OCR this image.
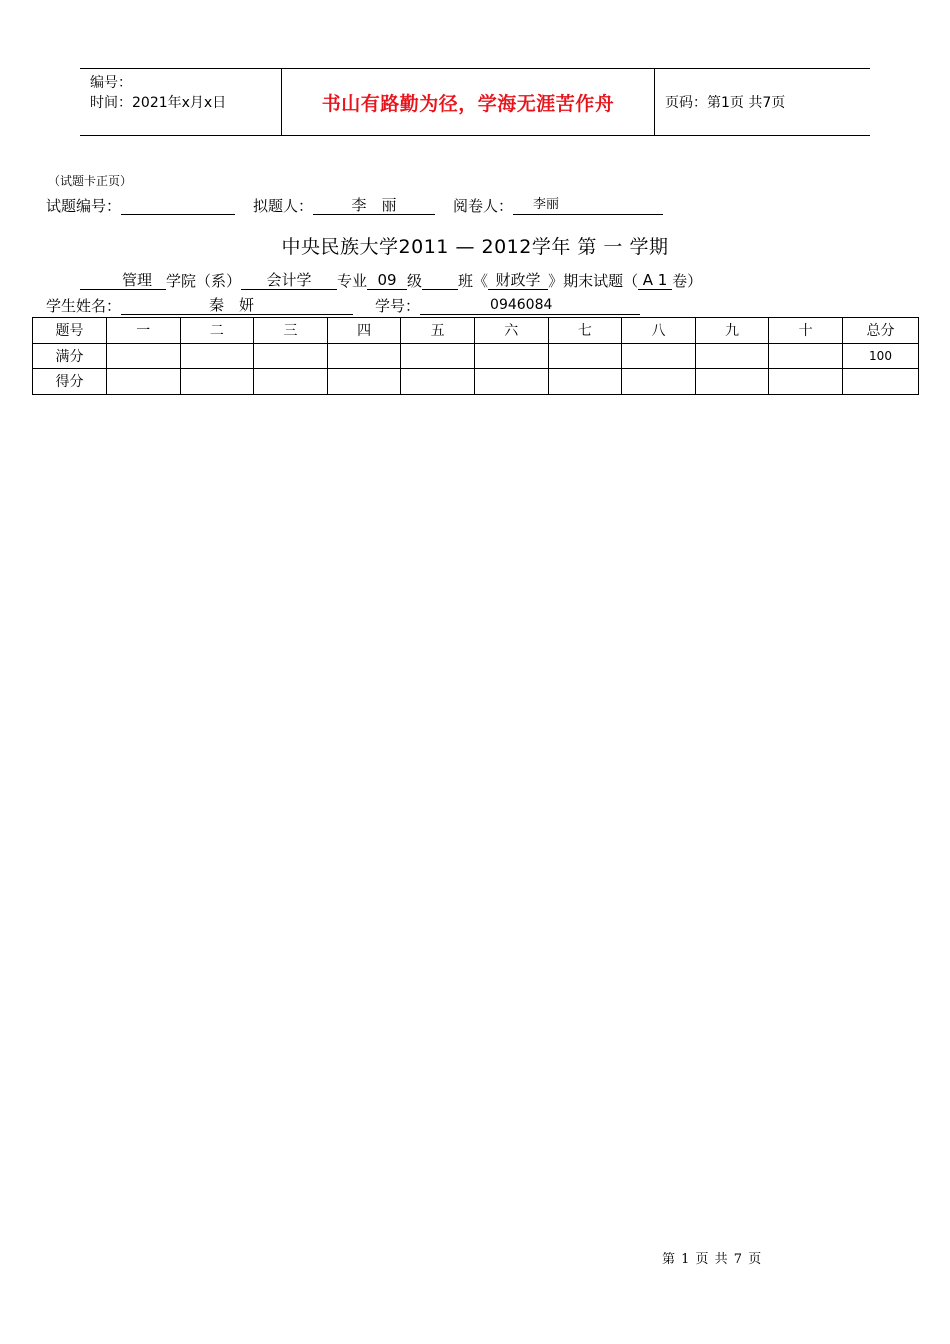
编号：
时间：2021年x月x日	书山有路勤为径，学海无涯苦作舟	页码：第1页 共7页
（试题卡正页）
试题编号：	拟题人：	李　丽	阅卷人：	李丽
中央民族大学2011 — 2012学年 第 一 学期
管理 学院（系）	会计学	专业 09 级 班《 财政学 》期末试题（ A 1 卷）
学生姓名：	秦　妍	学号：	0946084
题号	一	二	三	四	五	六	七	八	九	十	总分
满分											100
得分											
第 1 页 共 7 页
